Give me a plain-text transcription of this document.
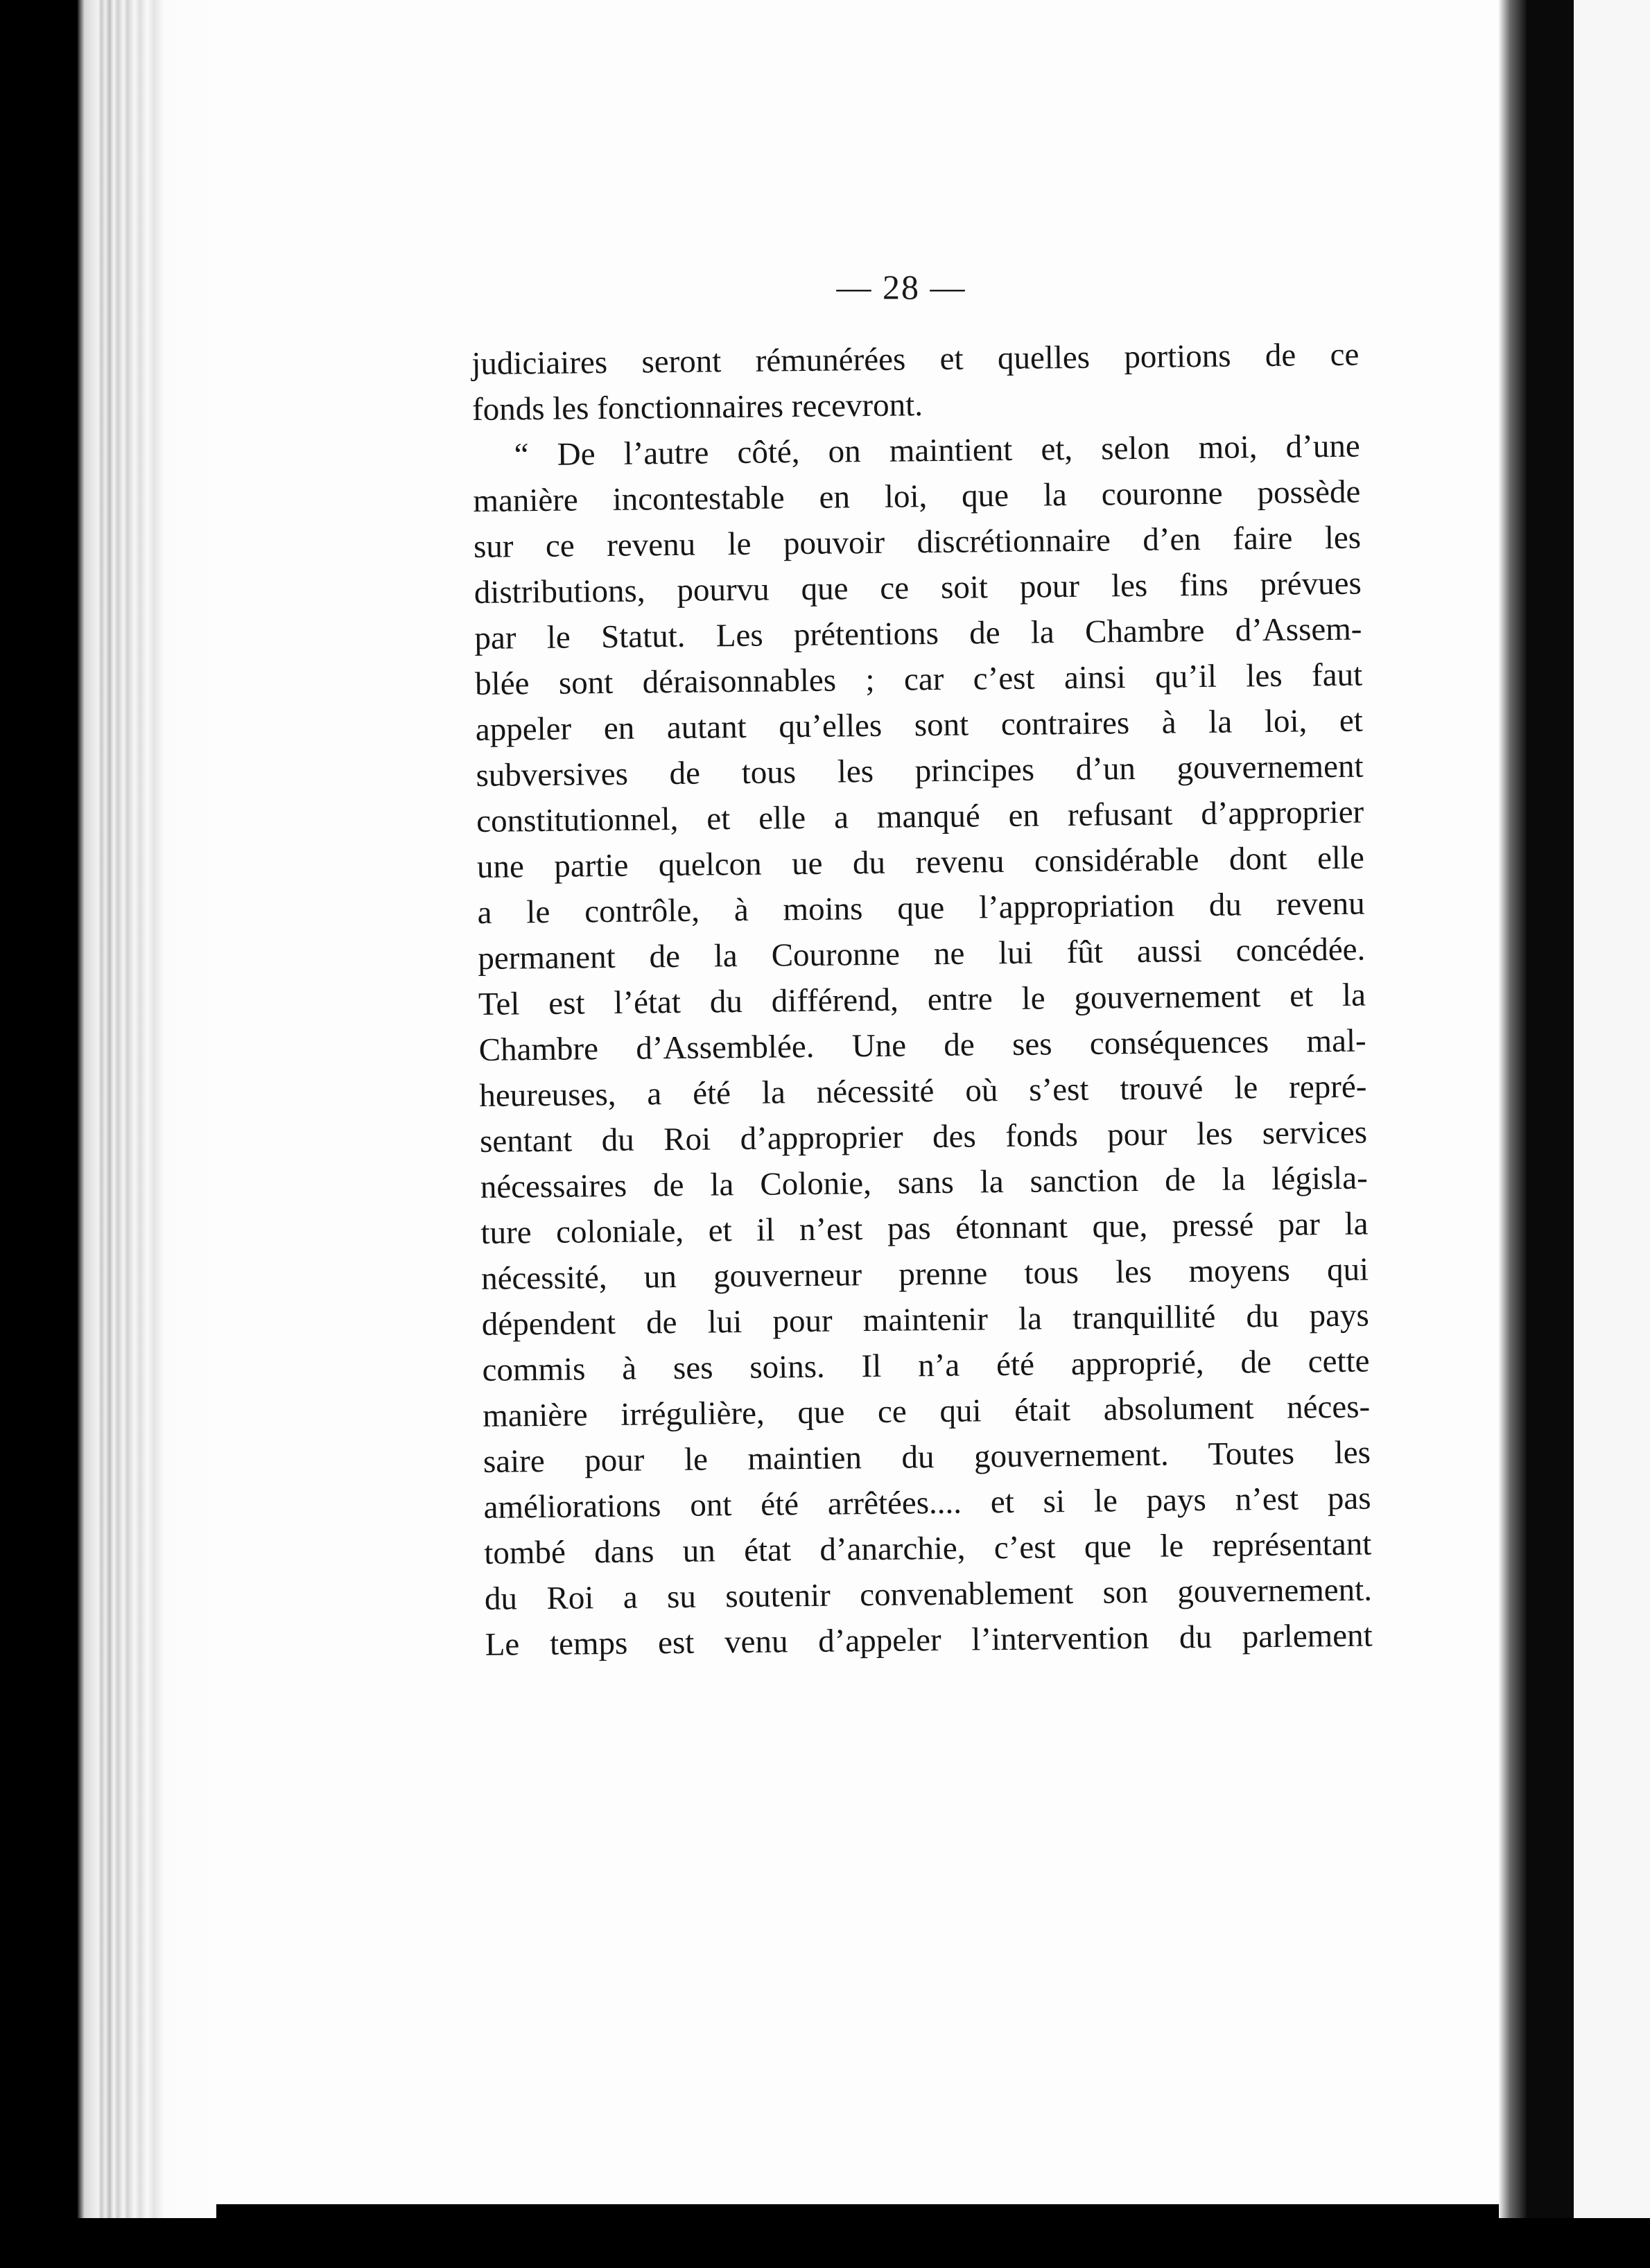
— 28 —
judiciaires seront rémunérées et quelles portions de ce
fonds les fonctionnaires recevront.
“ De l’autre côté, on maintient et, selon moi, d’une
manière incontestable en loi, que la couronne possède
sur ce revenu le pouvoir discrétionnaire d’en faire les
distributions, pourvu que ce soit pour les fins prévues
par le Statut. Les prétentions de la Chambre d’Assem-
blée sont déraisonnables ; car c’est ainsi qu’il les faut
appeler en autant qu’elles sont contraires à la loi, et
subversives de tous les principes d’un gouvernement
constitutionnel, et elle a manqué en refusant d’approprier
une partie quelcon ue du revenu considérable dont elle
a le contrôle, à moins que l’appropriation du revenu
permanent de la Couronne ne lui fût aussi concédée.
Tel est l’état du différend, entre le gouvernement et la
Chambre d’Assemblée. Une de ses conséquences mal-
heureuses, a été la nécessité où s’est trouvé le repré-
sentant du Roi d’approprier des fonds pour les services
nécessaires de la Colonie, sans la sanction de la législa-
ture coloniale, et il n’est pas étonnant que, pressé par la
nécessité, un gouverneur prenne tous les moyens qui
dépendent de lui pour maintenir la tranquillité du pays
commis à ses soins. Il n’a été approprié, de cette
manière irrégulière, que ce qui était absolument néces-
saire pour le maintien du gouvernement. Toutes les
améliorations ont été arrêtées.... et si le pays n’est pas
tombé dans un état d’anarchie, c’est que le représentant
du Roi a su soutenir convenablement son gouvernement.
Le temps est venu d’appeler l’intervention du parlement
